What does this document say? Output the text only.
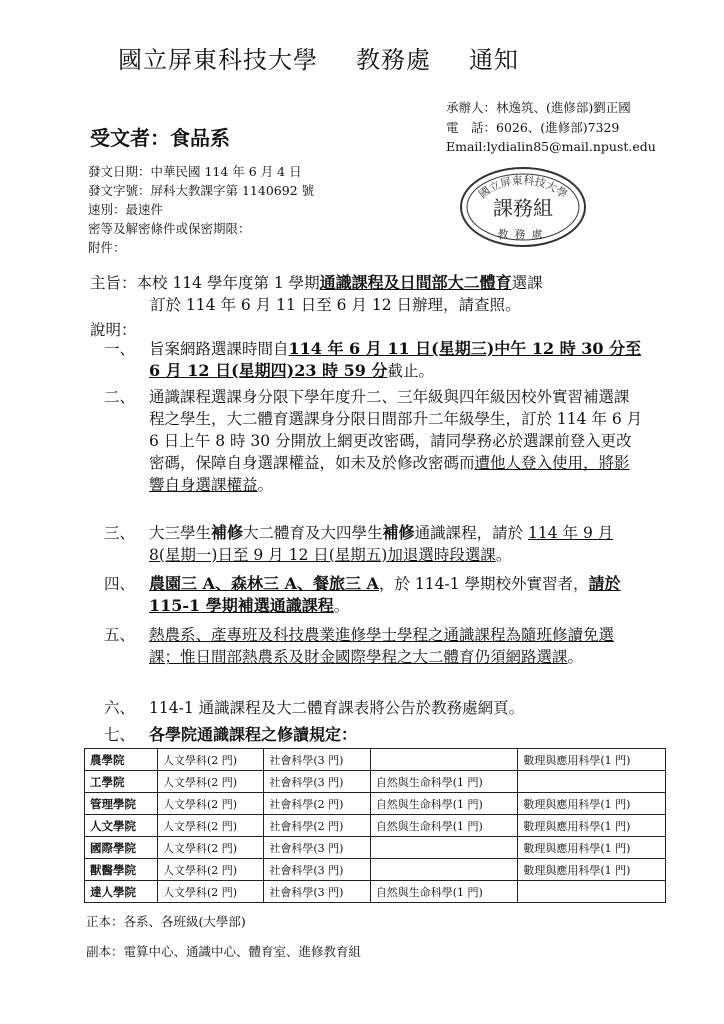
國立屏東科技大學 教務處 通知
承辦人：林逸筑、(進修部)劉正國
電　話：6026、(進修部)7329
Email:lydialin85@mail.npust.edu
受文者：食品系
發文日期：中華民國 114 年 6 月 4 日
發文字號：屏科大教課字第 1140692 號
速別：最速件
密等及解密條件或保密期限：
附件：
國立屏東科技大學
課務組
教務處
主旨：本校 114 學年度第 1 學期通識課程及日間部大二體育選課
訂於 114 年 6 月 11 日至 6 月 12 日辦理，請查照。
說明：
一、 旨案網路選課時間自114 年 6 月 11 日(星期三)中午 12 時 30 分至 6 月 12 日(星期四)23 時 59 分截止。
二、 通識課程選課身分限下學年度升二、三年級與四年級因校外實習補選課程之學生，大二體育選課身分限日間部升二年級學生，訂於 114 年 6 月 6 日上午 8 時 30 分開放上網更改密碼，請同學務必於選課前登入更改密碼，保障自身選課權益，如未及於修改密碼而遭他人登入使用，將影響自身選課權益。
三、 大三學生補修大二體育及大四學生補修通識課程，請於 114 年 9 月 8(星期一)日至 9 月 12 日(星期五)加退選時段選課。
四、 農園三 A、森林三 A、餐旅三 A，於 114-1 學期校外實習者，請於 115-1 學期補選通識課程。
五、 熱農系、產專班及科技農業進修學士學程之通識課程為隨班修讀免選課；惟日間部熱農系及財金國際學程之大二體育仍須網路選課。
六、 114-1 通識課程及大二體育課表將公告於教務處網頁。
七、 各學院通識課程之修讀規定：
農學院	人文學科(2 門)	社會科學(3 門)		數理與應用科學(1 門)
工學院	人文學科(2 門)	社會科學(3 門)	自然與生命科學(1 門)	
管理學院	人文學科(2 門)	社會科學(2 門)	自然與生命科學(1 門)	數理與應用科學(1 門)
人文學院	人文學科(2 門)	社會科學(2 門)	自然與生命科學(1 門)	數理與應用科學(1 門)
國際學院	人文學科(2 門)	社會科學(3 門)		數理與應用科學(1 門)
獸醫學院	人文學科(2 門)	社會科學(3 門)		數理與應用科學(1 門)
達人學院	人文學科(2 門)	社會科學(3 門)	自然與生命科學(1 門)	
正本：各系、各班級(大學部)
副本：電算中心、通識中心、體育室、進修教育組
